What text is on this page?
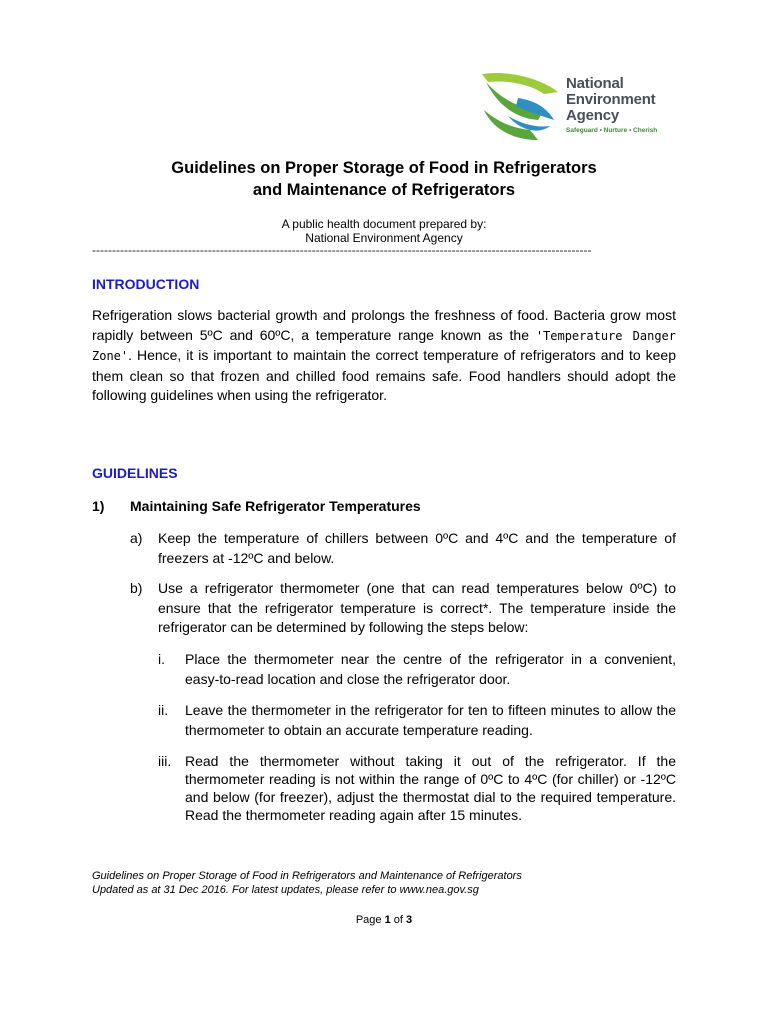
National
Environment
Agency
Safeguard • Nurture • Cherish
Guidelines on Proper Storage of Food in Refrigerators
and Maintenance of Refrigerators
A public health document prepared by:
National Environment Agency
-----------------------------------------------------------------------------------------------------------------------------
INTRODUCTION
Refrigeration slows bacterial growth and prolongs the freshness of food. Bacteria grow most rapidly between 5ºC and 60ºC, a temperature range known as the 'Temperature Danger Zone'. Hence, it is important to maintain the correct temperature of refrigerators and to keep them clean so that frozen and chilled food remains safe. Food handlers should adopt the following guidelines when using the refrigerator.
GUIDELINES
1) Maintaining Safe Refrigerator Temperatures
a) Keep the temperature of chillers between 0ºC and 4ºC and the temperature of freezers at -12ºC and below.
b) Use a refrigerator thermometer (one that can read temperatures below 0ºC) to ensure that the refrigerator temperature is correct*. The temperature inside the refrigerator can be determined by following the steps below:
i. Place the thermometer near the centre of the refrigerator in a convenient, easy-to-read location and close the refrigerator door.
ii. Leave the thermometer in the refrigerator for ten to fifteen minutes to allow the thermometer to obtain an accurate temperature reading.
iii. Read the thermometer without taking it out of the refrigerator. If the thermometer reading is not within the range of 0ºC to 4ºC (for chiller) or -12ºC and below (for freezer), adjust the thermostat dial to the required temperature. Read the thermometer reading again after 15 minutes.
Guidelines on Proper Storage of Food in Refrigerators and Maintenance of Refrigerators
Updated as at 31 Dec 2016. For latest updates, please refer to www.nea.gov.sg
Page 1 of 3
